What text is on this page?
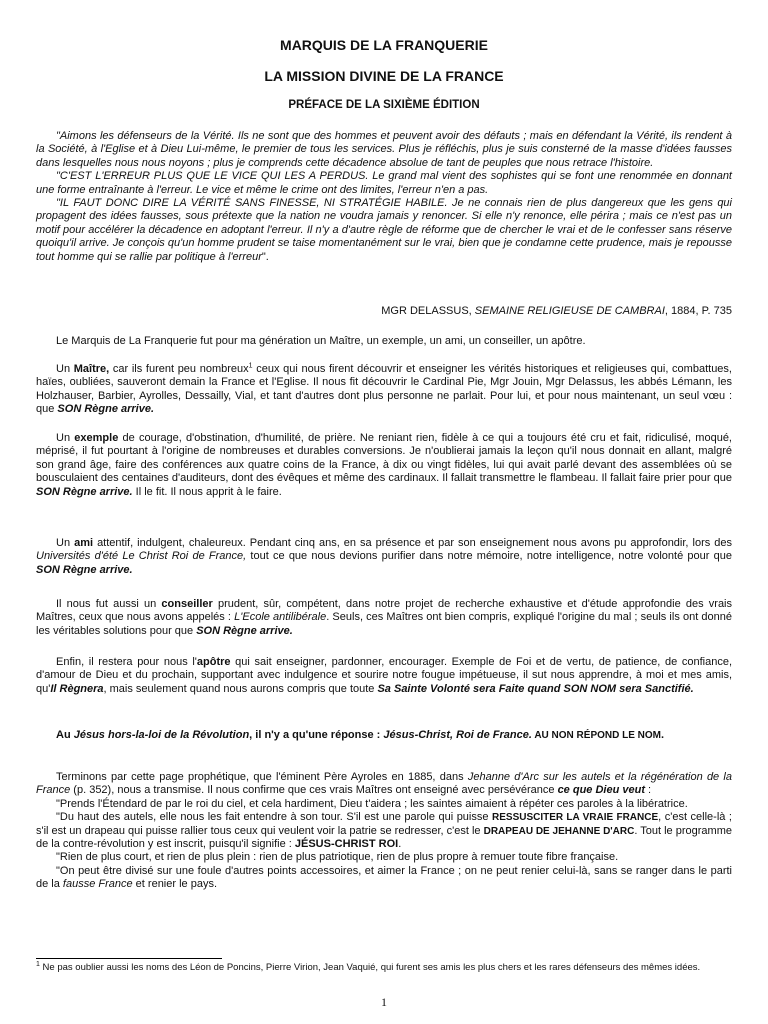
MARQUIS DE LA FRANQUERIE
LA MISSION DIVINE DE LA FRANCE
PRÉFACE DE LA SIXIÈME ÉDITION

"Aimons les défenseurs de la Vérité. Ils ne sont que des hommes et peuvent avoir des défauts ; mais en défendant la Vérité, ils rendent à la Société, à l'Eglise et à Dieu Lui-même, le premier de tous les services. Plus je réfléchis, plus je suis consterné de la masse d'idées fausses dans lesquelles nous nous noyons ; plus je comprends cette décadence absolue de tant de peuples que nous retrace l'histoire.

"C'EST L'ERREUR PLUS QUE LE VICE QUI LES A PERDUS. Le grand mal vient des sophistes qui se font une renommée en donnant une forme entraînante à l'erreur. Le vice et même le crime ont des limites, l'erreur n'en a pas.

"IL FAUT DONC DIRE LA VÉRITÉ SANS FINESSE, NI STRATÉGIE HABILE. Je ne connais rien de plus dangereux que les gens qui propagent des idées fausses, sous prétexte que la nation ne voudra jamais y renoncer. Si elle n'y renonce, elle périra ; mais ce n'est pas un motif pour accélérer la décadence en adoptant l'erreur. Il n'y a d'autre règle de réforme que de chercher le vrai et de le confesser sans réserve quoiqu'il arrive. Je conçois qu'un homme prudent se taise momentanément sur le vrai, bien que je condamne cette prudence, mais je repousse tout homme qui se rallie par politique à l'erreur".

MGR DELASSUS, SEMAINE RELIGIEUSE DE CAMBRAI, 1884, P. 735

Le Marquis de La Franquerie fut pour ma génération un Maître, un exemple, un ami, un conseiller, un apôtre.

Un Maître, car ils furent peu nombreux$^1$ ceux qui nous firent découvrir et enseigner les vérités historiques et religieuses qui, combattues, haïes, oubliées, sauveront demain la France et l'Eglise. Il nous fit découvrir le Cardinal Pie, Mgr Jouin, Mgr Delassus, les abbés Lémann, les Holzhauser, Barbier, Ayrolles, Dessailly, Vial, et tant d'autres dont plus personne ne parlait. Pour lui, et pour nous maintenant, un seul vœu : que SON Règne arrive.

Un exemple de courage, d'obstination, d'humilité, de prière. Ne reniant rien, fidèle à ce qui a toujours été cru et fait, ridiculisé, moqué, méprisé, il fut pourtant à l'origine de nombreuses et durables conversions. Je n'oublierai jamais la leçon qu'il nous donnait en allant, malgré son grand âge, faire des conférences aux quatre coins de la France, à dix ou vingt fidèles, lui qui avait parlé devant des assemblées où se bousculaient des centaines d'auditeurs, dont des évêques et même des cardinaux. Il fallait transmettre le flambeau. Il fallait faire prier pour que SON Règne arrive. Il le fit. Il nous apprit à le faire.

Un ami attentif, indulgent, chaleureux. Pendant cinq ans, en sa présence et par son enseignement nous avons pu approfondir, lors des Universités d'été Le Christ Roi de France, tout ce que nous devions purifier dans notre mémoire, notre intelligence, notre volonté pour que SON Règne arrive.

Il nous fut aussi un conseiller prudent, sûr, compétent, dans notre projet de recherche exhaustive et d'étude approfondie des vrais Maîtres, ceux que nous avons appelés : L'Ecole antilibérale. Seuls, ces Maîtres ont bien compris, expliqué l'origine du mal ; seuls ils ont donné les véritables solutions pour que SON Règne arrive.

Enfin, il restera pour nous l'apôtre qui sait enseigner, pardonner, encourager. Exemple de Foi et de vertu, de patience, de confiance, d'amour de Dieu et du prochain, supportant avec indulgence et sourire notre fougue impétueuse, il sut nous apprendre, à moi et mes amis, qu'Il Règnera, mais seulement quand nous aurons compris que toute Sa Sainte Volonté sera Faite quand SON NOM sera Sanctifié.

Au Jésus hors-la-loi de la Révolution, il n'y a qu'une réponse : Jésus-Christ, Roi de France. AU NON RÉPOND LE NOM.

Terminons par cette page prophétique, que l'éminent Père Ayroles en 1885, dans Jehanne d'Arc sur les autels et la régénération de la France (p. 352), nous a transmise. Il nous confirme que ces vrais Maîtres ont enseigné avec persévérance ce que Dieu veut :

"Prends l'Étendard de par le roi du ciel, et cela hardiment, Dieu t'aidera ; les saintes aimaient à répéter ces paroles à la libératrice.

"Du haut des autels, elle nous les fait entendre à son tour. S'il est une parole qui puisse RESSUSCITER LA VRAIE FRANCE, c'est celle-là ; s'il est un drapeau qui puisse rallier tous ceux qui veulent voir la patrie se redresser, c'est le DRAPEAU DE JEHANNE D'ARC. Tout le programme de la contre-révolution y est inscrit, puisqu'il signifie : JÉSUS-CHRIST ROI.

"Rien de plus court, et rien de plus plein : rien de plus patriotique, rien de plus propre à remuer toute fibre française.

"On peut être divisé sur une foule d'autres points accessoires, et aimer la France ; on ne peut renier celui-là, sans se ranger dans le parti de la fausse France et renier le pays.

$^1$ Ne pas oublier aussi les noms des Léon de Poncins, Pierre Virion, Jean Vaquié, qui furent ses amis les plus chers et les rares défenseurs des mêmes idées.
1
